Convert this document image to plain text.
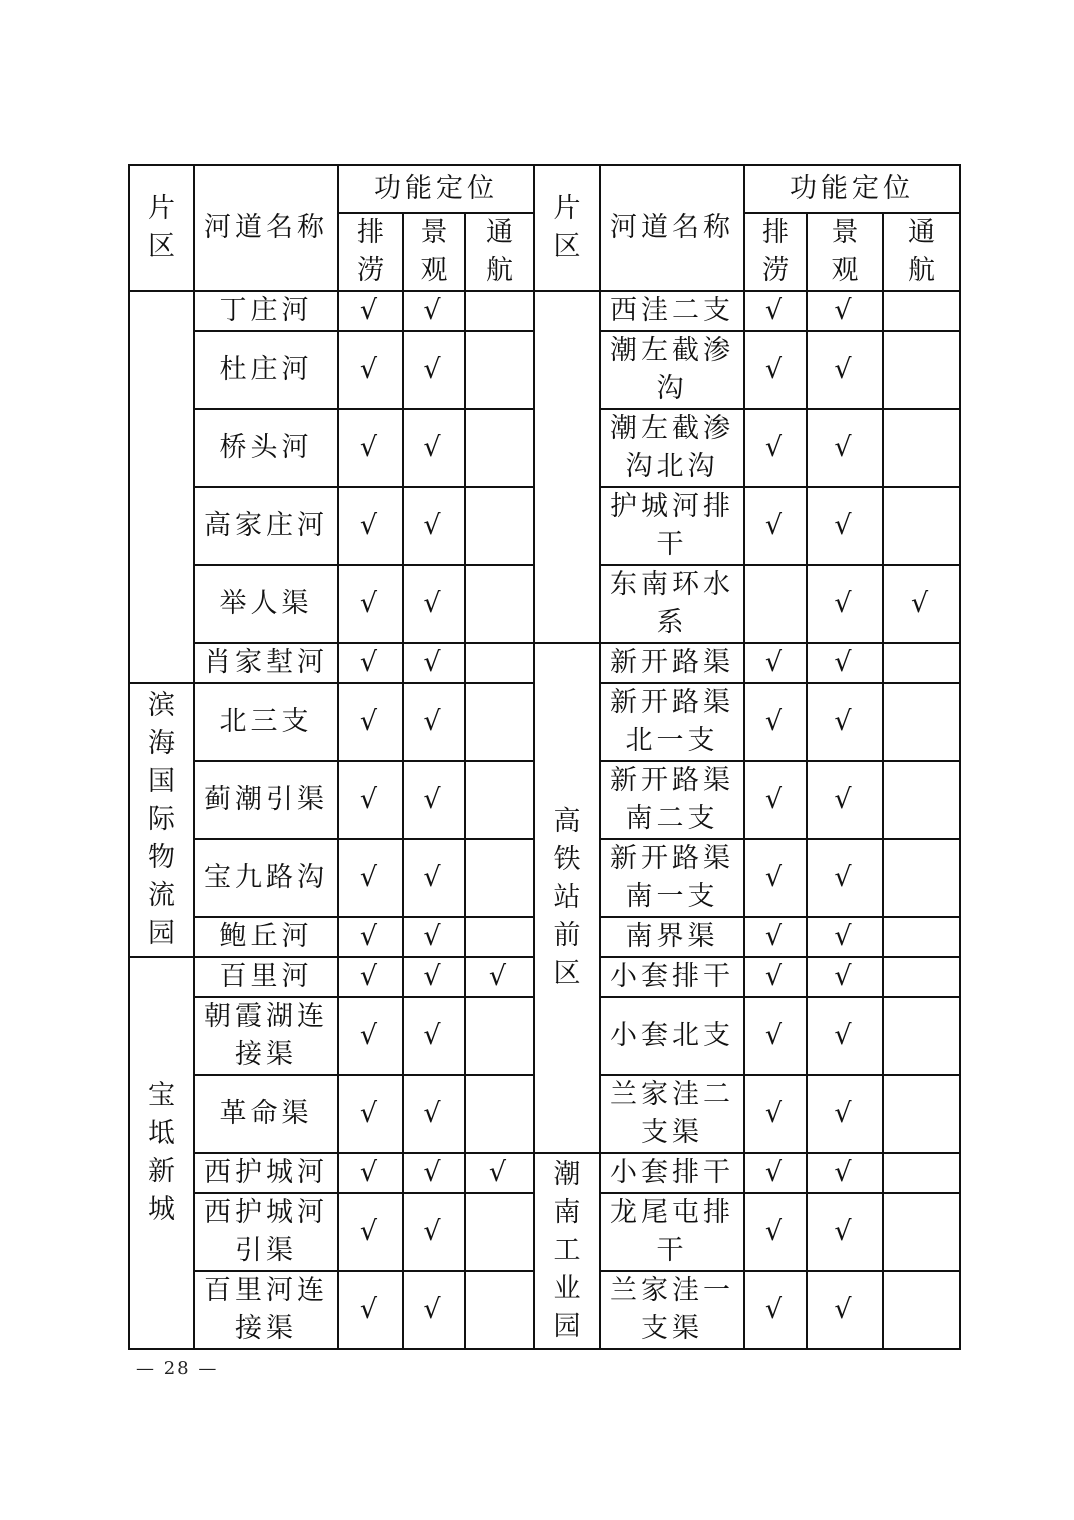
片区	河道名称	功能定位			片区	河道名称	功能定位		
		排涝	景观	通航			排涝	景观	通航
	丁庄河	√	√			西洼二支	√	√	
	杜庄河	√	√			潮左截渗沟	√	√	
	桥头河	√	√			潮左截渗沟北沟	√	√	
	高家庄河	√	√			护城河排干	√	√	
	举人渠	√	√			东南环水系		√	√
	肖家堼河	√	√		高铁站前区	新开路渠	√	√	
滨海国际物流园	北三支	√	√			新开路渠北一支	√	√	
	蓟潮引渠	√	√			新开路渠南二支	√	√	
	宝九路沟	√	√			新开路渠南一支	√	√	
	鲍丘河	√	√			南界渠	√	√	
宝坻新城	百里河	√	√	√		小套排干	√	√	
	朝霞湖连接渠	√	√			小套北支	√	√	
	革命渠	√	√			兰家洼二支渠	√	√	
	西护城河	√	√	√	潮南工业园	小套排干	√	√	
	西护城河引渠	√	√			龙尾屯排干	√	√	
	百里河连接渠	√	√			兰家洼一支渠	√	√	
— 28 —
